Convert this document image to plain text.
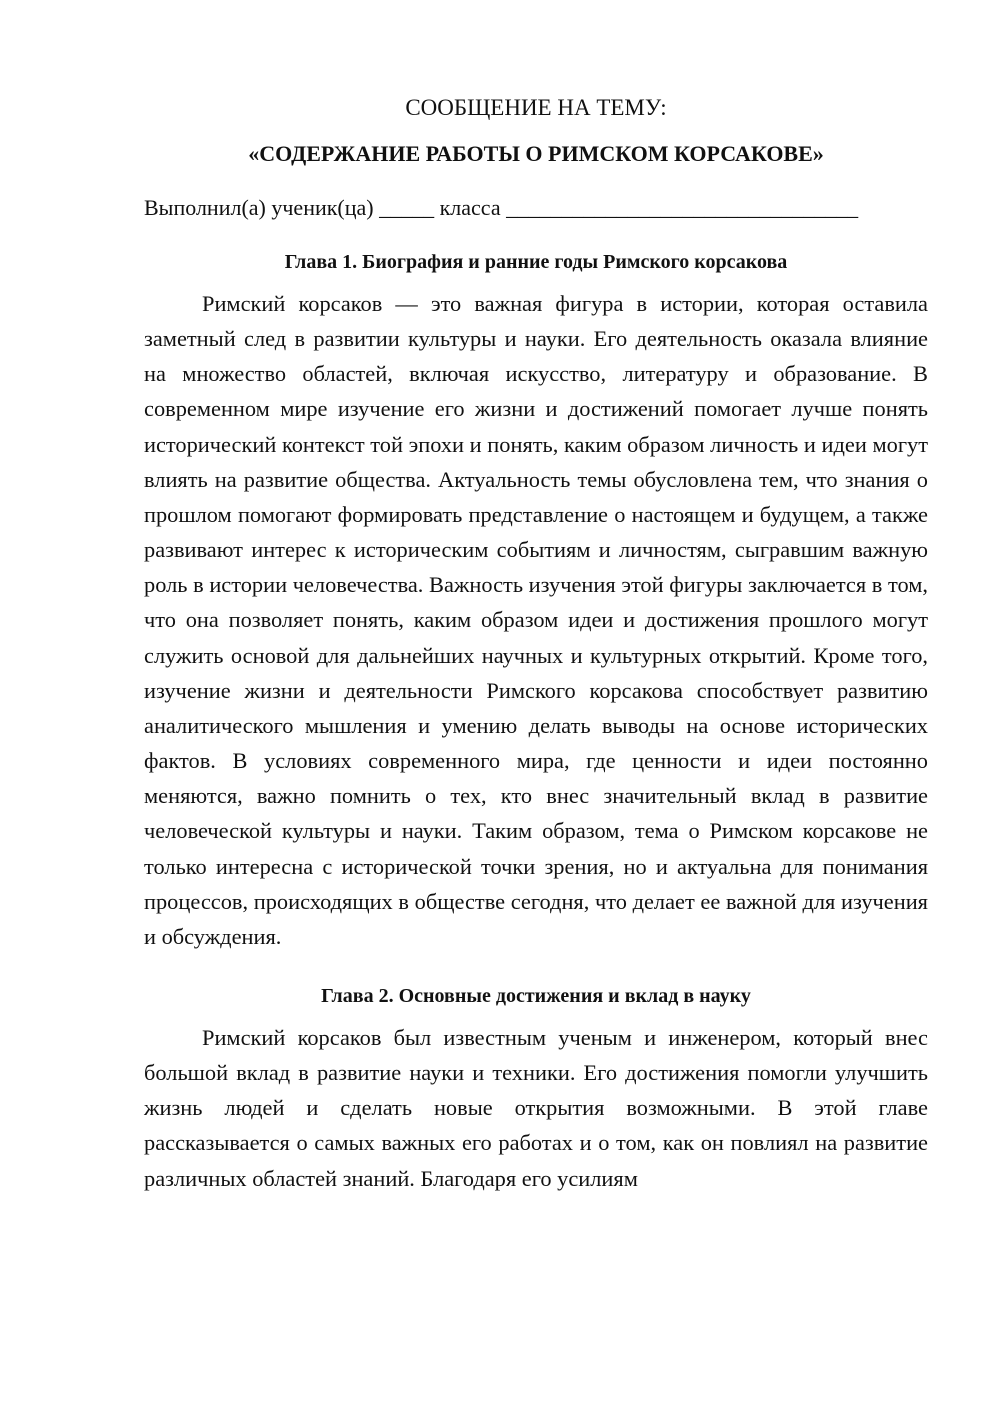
СООБЩЕНИЕ НА ТЕМУ:

«СОДЕРЖАНИЕ РАБОТЫ О РИМСКОМ КОРСАКОВЕ»

Выполнил(а) ученик(ца) _____ класса ________________________________
Глава 1. Биография и ранние годы Римского корсакова

Римский корсаков — это важная фигура в истории, которая оставила заметный след в развитии культуры и науки. Его деятельность оказала влияние на множество областей, включая искусство, литературу и образование. В современном мире изучение его жизни и достижений помогает лучше понять исторический контекст той эпохи и понять, каким образом личность и идеи могут влиять на развитие общества. Актуальность темы обусловлена тем, что знания о прошлом помогают формировать представление о настоящем и будущем, а также развивают интерес к историческим событиям и личностям, сыгравшим важную роль в истории человечества. Важность изучения этой фигуры заключается в том, что она позволяет понять, каким образом идеи и достижения прошлого могут служить основой для дальнейших научных и культурных открытий. Кроме того, изучение жизни и деятельности Римского корсакова способствует развитию аналитического мышления и умению делать выводы на основе исторических фактов. В условиях современного мира, где ценности и идеи постоянно меняются, важно помнить о тех, кто внес значительный вклад в развитие человеческой культуры и науки. Таким образом, тема о Римском корсакове не только интересна с исторической точки зрения, но и актуальна для понимания процессов, происходящих в обществе сегодня, что делает ее важной для изучения и обсуждения.

Глава 2. Основные достижения и вклад в науку

Римский корсаков был известным ученым и инженером, который внес большой вклад в развитие науки и техники. Его достижения помогли улучшить жизнь людей и сделать новые открытия возможными. В этой главе рассказывается о самых важных его работах и о том, как он повлиял на развитие различных областей знаний. Благодаря его усилиям
